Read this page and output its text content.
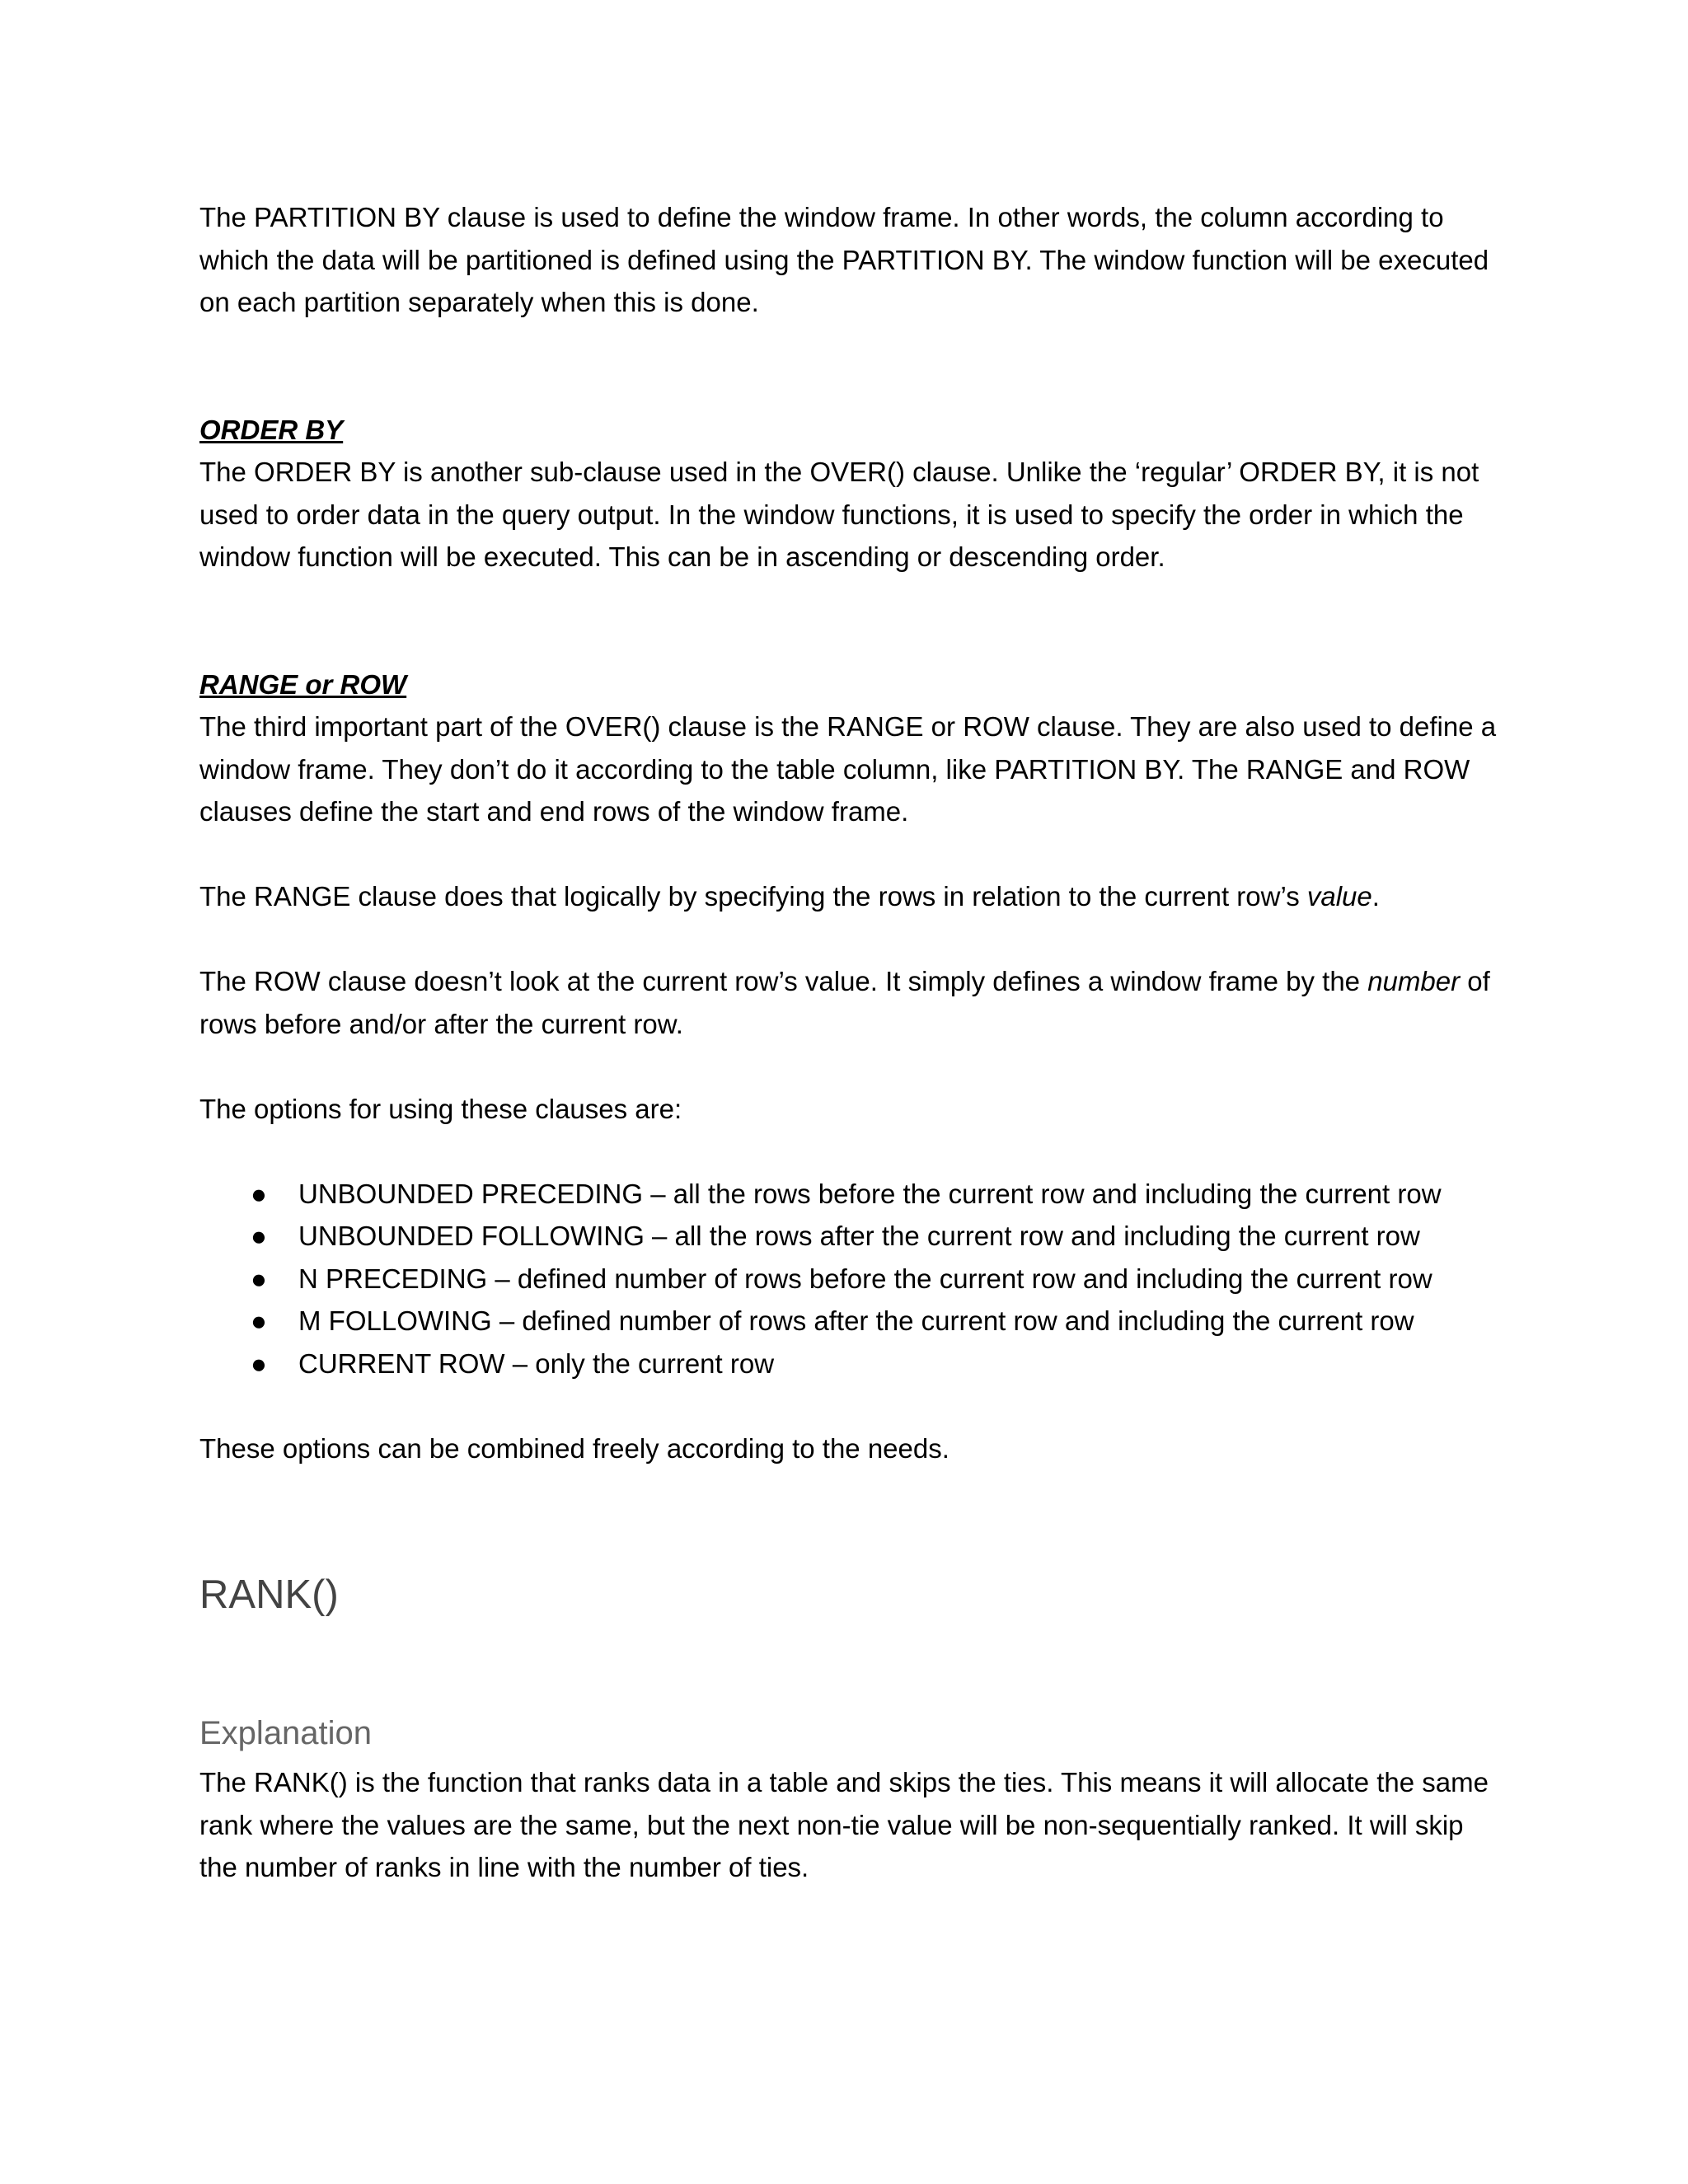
The PARTITION BY clause is used to define the window frame. In other words, the column according to which the data will be partitioned is defined using the PARTITION BY. The window function will be executed on each partition separately when this is done.

ORDER BY

The ORDER BY is another sub-clause used in the OVER() clause. Unlike the ‘regular’ ORDER BY, it is not used to order data in the query output. In the window functions, it is used to specify the order in which the window function will be executed. This can be in ascending or descending order.

RANGE or ROW

The third important part of the OVER() clause is the RANGE or ROW clause. They are also used to define a window frame. They don’t do it according to the table column, like PARTITION BY. The RANGE and ROW clauses define the start and end rows of the window frame.

The RANGE clause does that logically by specifying the rows in relation to the current row’s value.

The ROW clause doesn’t look at the current row’s value. It simply defines a window frame by the number of rows before and/or after the current row.

The options for using these clauses are:

● UNBOUNDED PRECEDING – all the rows before the current row and including the current row
● UNBOUNDED FOLLOWING – all the rows after the current row and including the current row
● N PRECEDING – defined number of rows before the current row and including the current row
● M FOLLOWING – defined number of rows after the current row and including the current row
● CURRENT ROW – only the current row

These options can be combined freely according to the needs.

RANK()
Explanation

The RANK() is the function that ranks data in a table and skips the ties. This means it will allocate the same rank where the values are the same, but the next non-tie value will be non-sequentially ranked. It will skip the number of ranks in line with the number of ties.
